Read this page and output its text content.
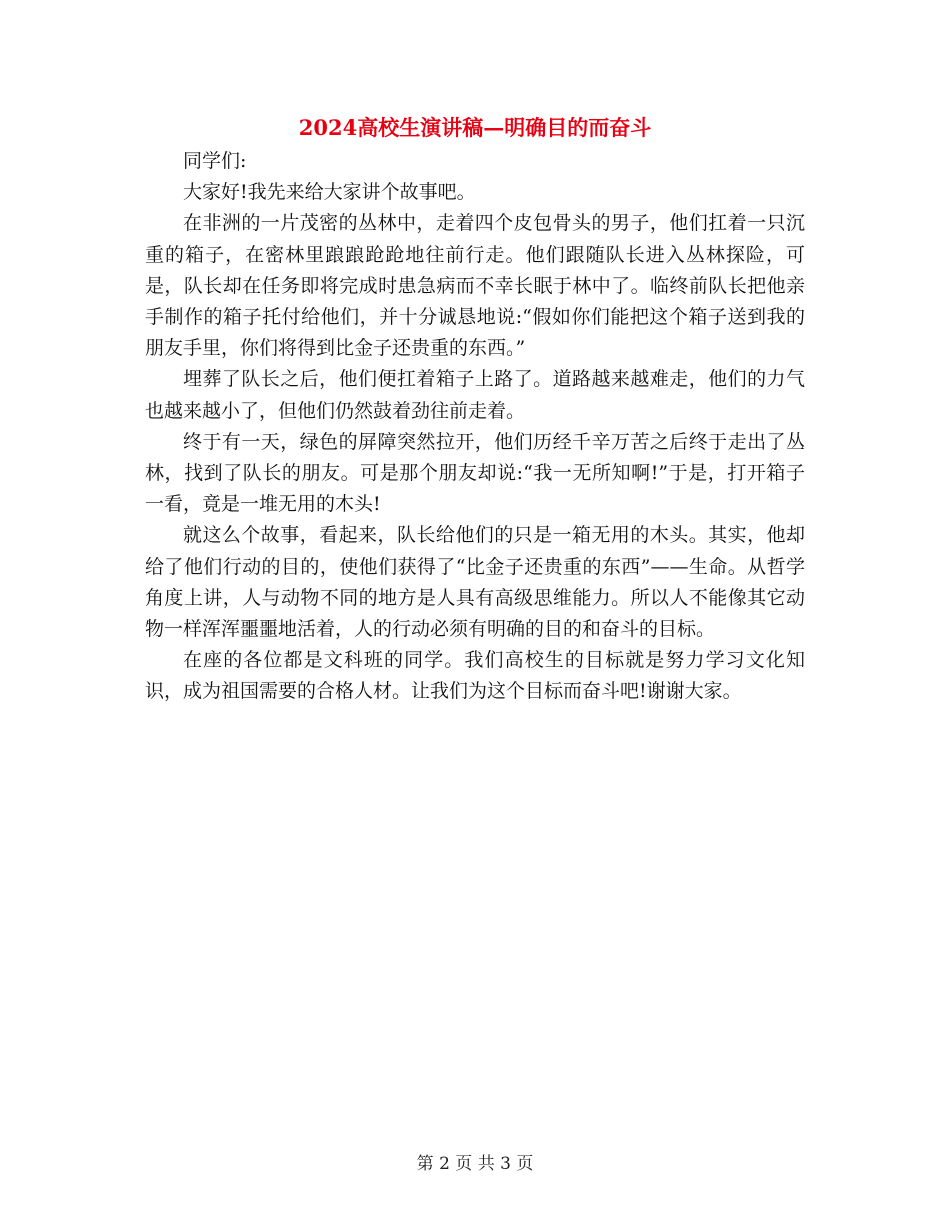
2024高校生演讲稿—明确目的而奋斗

同学们:

大家好!我先来给大家讲个故事吧。

在非洲的一片茂密的丛林中，走着四个皮包骨头的男子，他们扛着一只沉重的箱子，在密林里踉踉跄跄地往前行走。他们跟随队长进入丛林探险，可是，队长却在任务即将完成时患急病而不幸长眠于林中了。临终前队长把他亲手制作的箱子托付给他们，并十分诚恳地说:“假如你们能把这个箱子送到我的朋友手里，你们将得到比金子还贵重的东西。”

埋葬了队长之后，他们便扛着箱子上路了。道路越来越难走，他们的力气也越来越小了，但他们仍然鼓着劲往前走着。

终于有一天，绿色的屏障突然拉开，他们历经千辛万苦之后终于走出了丛林，找到了队长的朋友。可是那个朋友却说:“我一无所知啊!”于是，打开箱子一看，竟是一堆无用的木头!

就这么个故事，看起来，队长给他们的只是一箱无用的木头。其实，他却给了他们行动的目的，使他们获得了“比金子还贵重的东西”——生命。从哲学角度上讲，人与动物不同的地方是人具有高级思维能力。所以人不能像其它动物一样浑浑噩噩地活着，人的行动必须有明确的目的和奋斗的目标。

在座的各位都是文科班的同学。我们高校生的目标就是努力学习文化知识，成为祖国需要的合格人材。让我们为这个目标而奋斗吧!谢谢大家。

第 2 页 共 3 页
